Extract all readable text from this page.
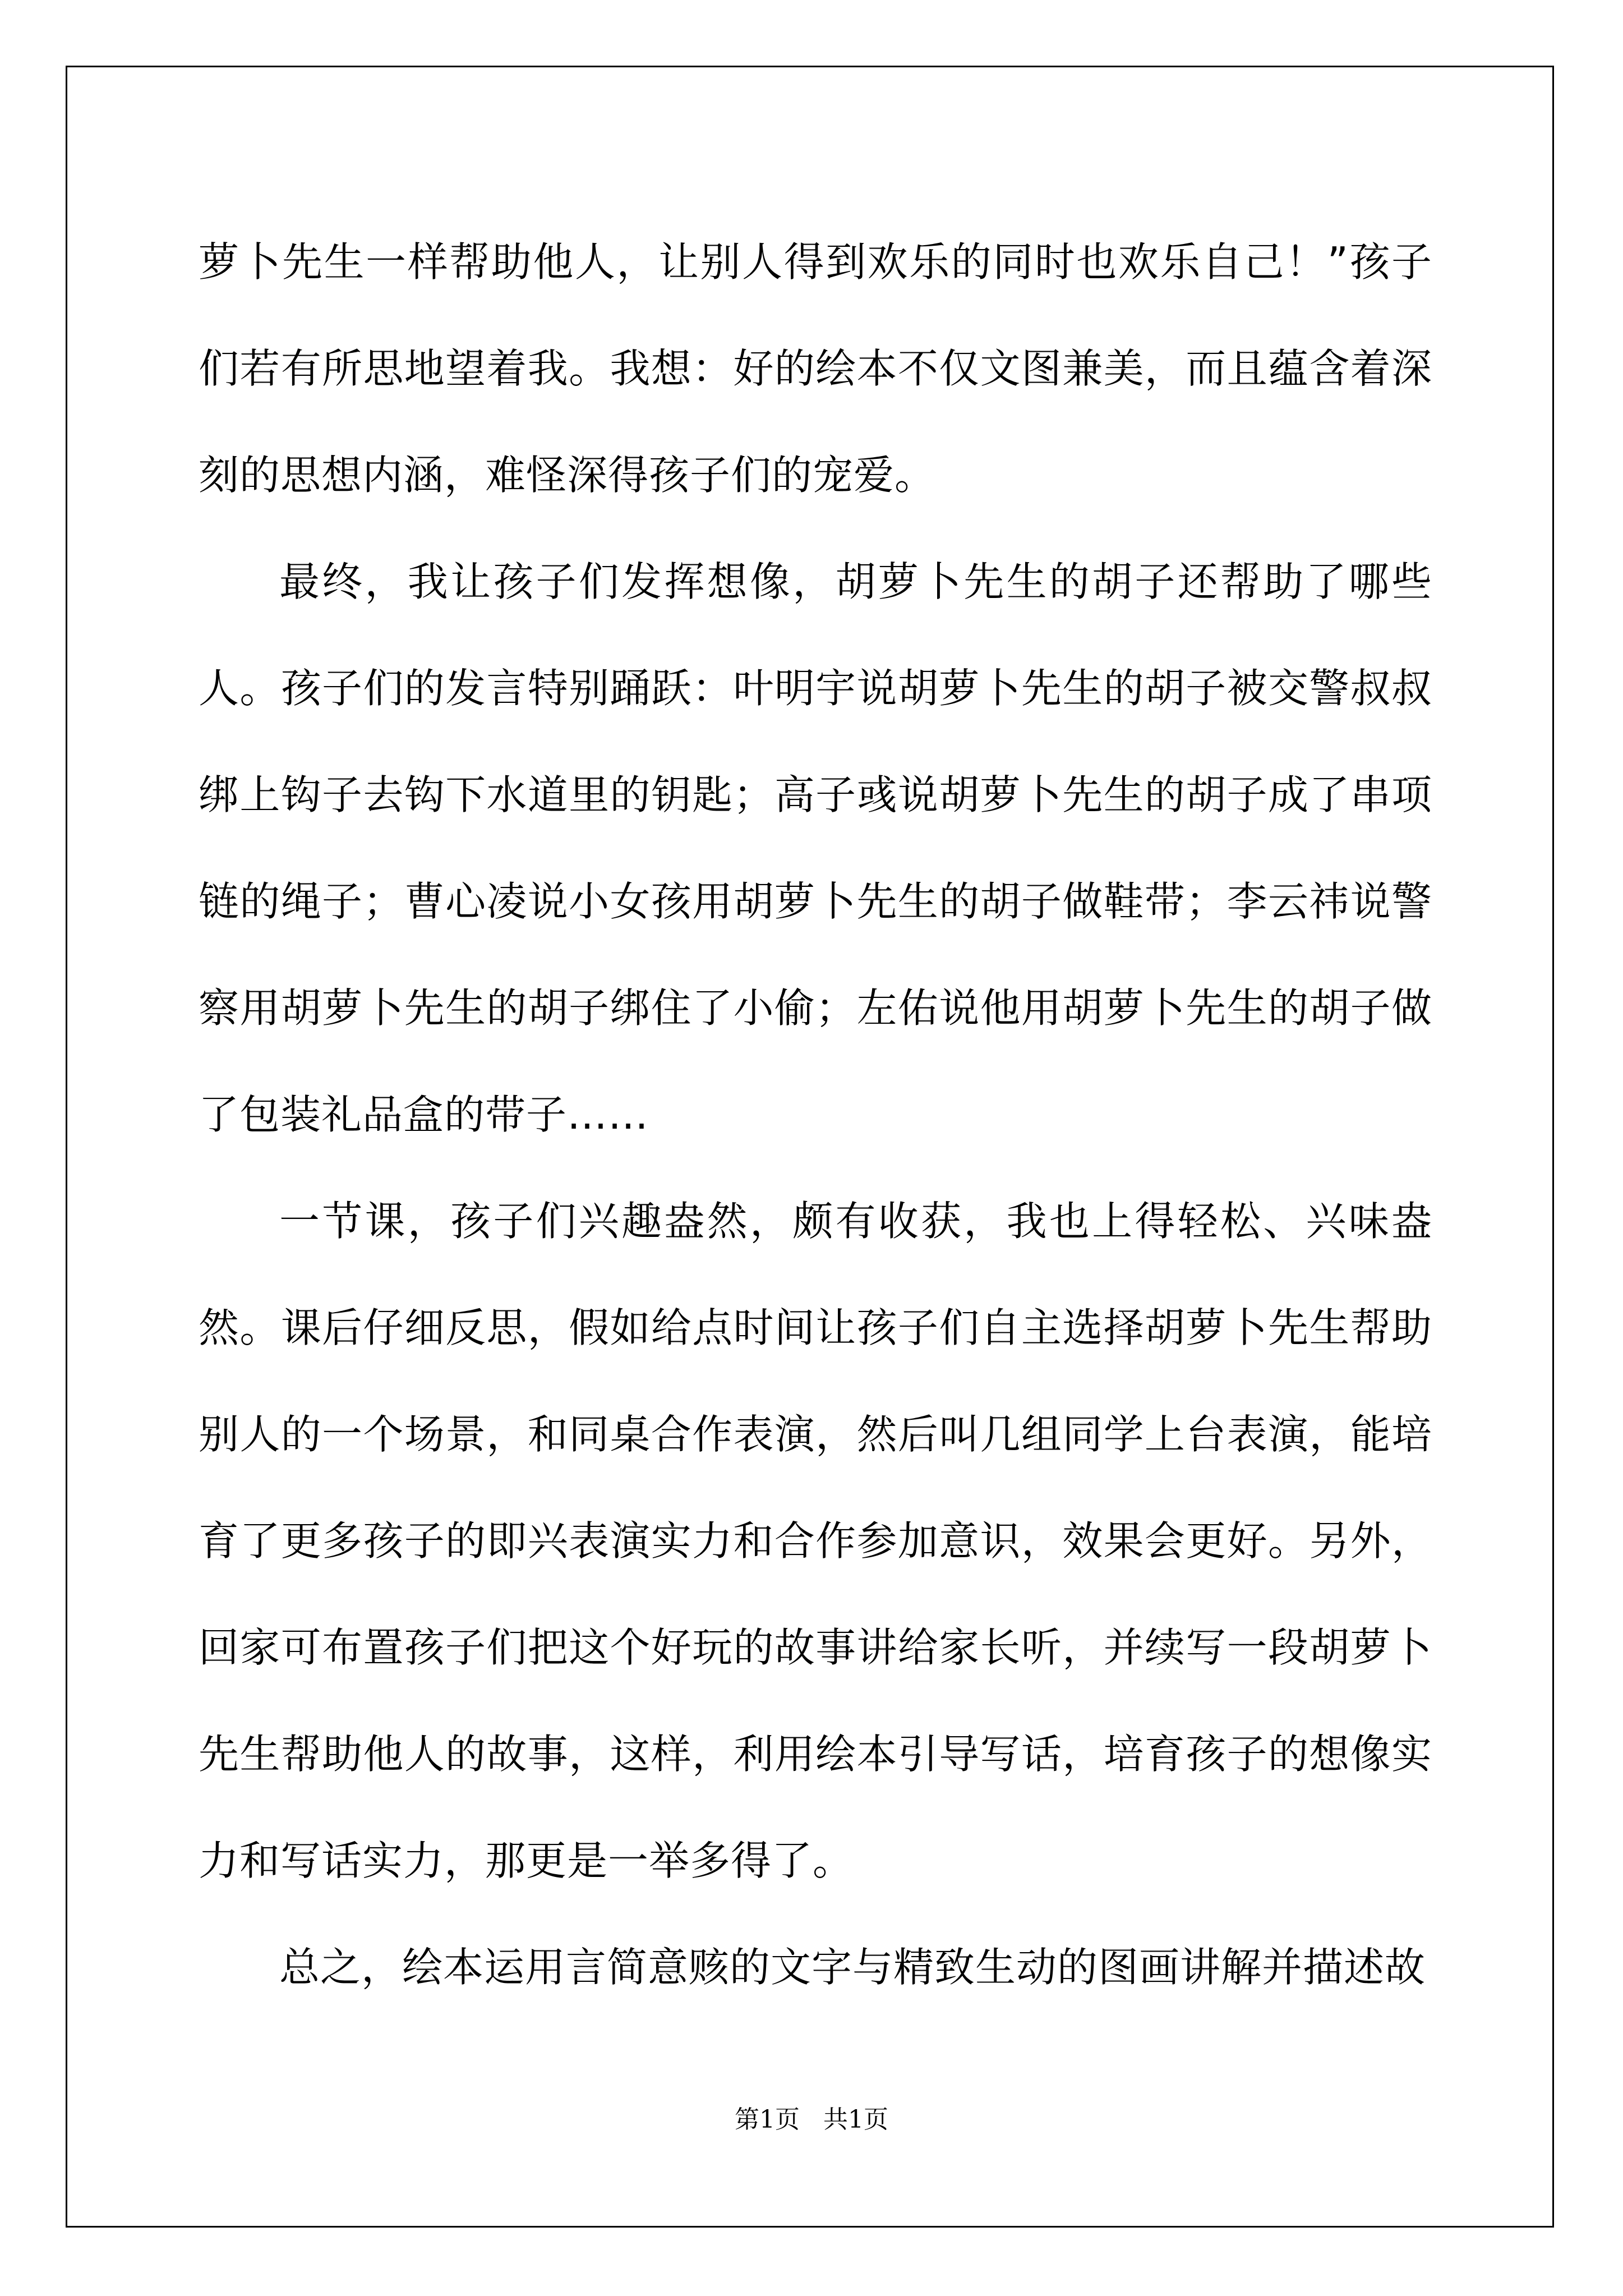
萝卜先生一样帮助他人，让别人得到欢乐的同时也欢乐自己！”孩子们若有所思地望着我。我想：好的绘本不仅文图兼美，而且蕴含着深刻的思想内涵，难怪深得孩子们的宠爱。

最终，我让孩子们发挥想像，胡萝卜先生的胡子还帮助了哪些人。孩子们的发言特别踊跃：叶明宇说胡萝卜先生的胡子被交警叔叔绑上钩子去钩下水道里的钥匙；高子彧说胡萝卜先生的胡子成了串项链的绳子；曹心凌说小女孩用胡萝卜先生的胡子做鞋带；李云祎说警察用胡萝卜先生的胡子绑住了小偷；左佑说他用胡萝卜先生的胡子做了包装礼品盒的带子……

一节课，孩子们兴趣盎然，颇有收获，我也上得轻松、兴味盎然。课后仔细反思，假如给点时间让孩子们自主选择胡萝卜先生帮助别人的一个场景，和同桌合作表演，然后叫几组同学上台表演，能培育了更多孩子的即兴表演实力和合作参加意识，效果会更好。另外，回家可布置孩子们把这个好玩的故事讲给家长听，并续写一段胡萝卜先生帮助他人的故事，这样，利用绘本引导写话，培育孩子的想像实力和写话实力，那更是一举多得了。

总之，绘本运用言简意赅的文字与精致生动的图画讲解并描述故

第1页   共1页
